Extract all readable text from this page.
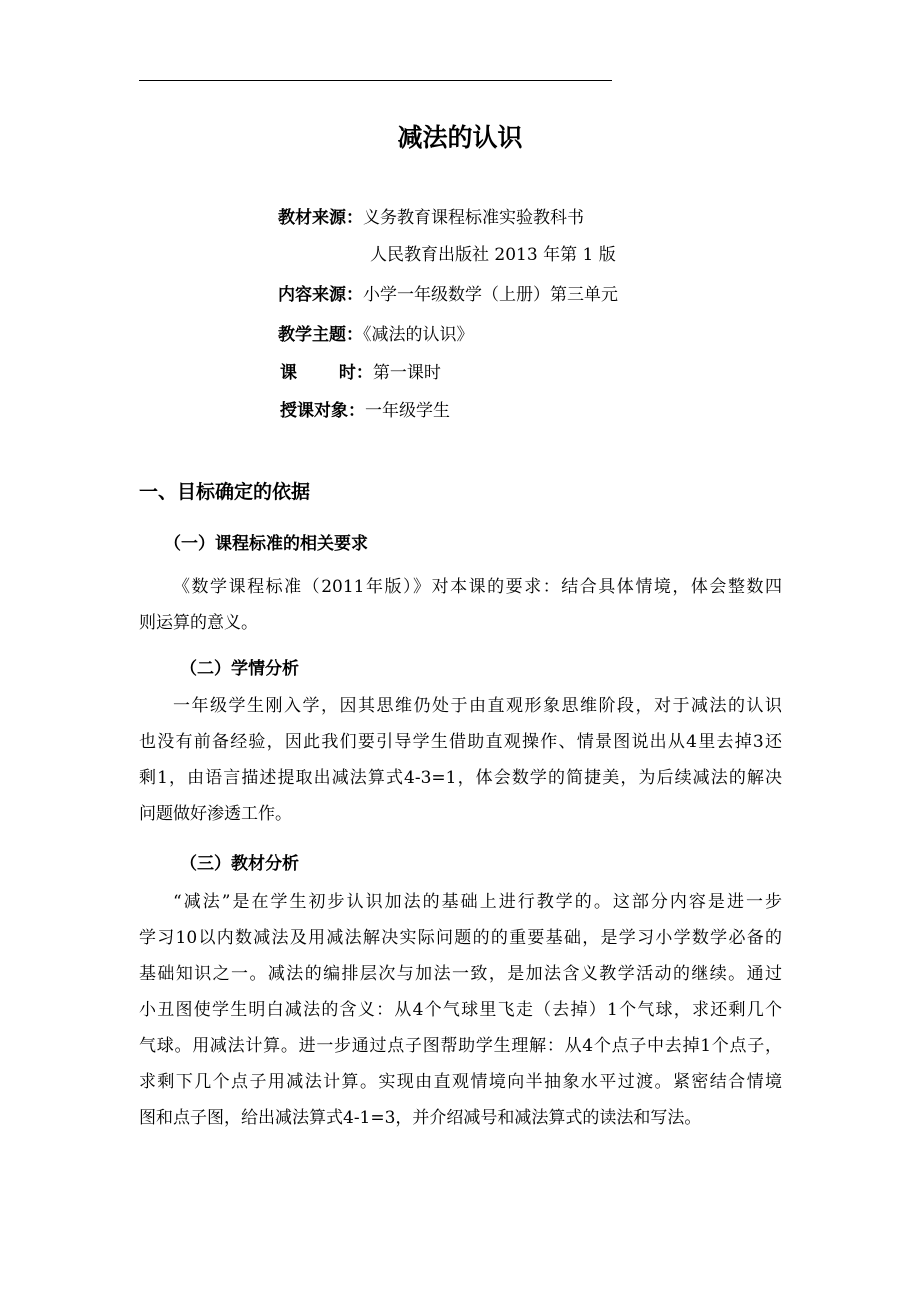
减法的认识
教材来源：义务教育课程标准实验教科书
人民教育出版社 2013 年第 1 版
内容来源：小学一年级数学（上册）第三单元
教学主题：《减法的认识》
课 时：第一课时
授课对象：一年级学生
一、目标确定的依据
（一）课程标准的相关要求
《数学课程标准（2011年版）》对本课的要求：结合具体情境，体会整数四
则运算的意义。
（二）学情分析
一年级学生刚入学，因其思维仍处于由直观形象思维阶段，对于减法的认识
也没有前备经验，因此我们要引导学生借助直观操作、情景图说出从4里去掉3还
剩1，由语言描述提取出减法算式4-3=1，体会数学的简捷美，为后续减法的解决
问题做好渗透工作。
（三）教材分析
“减法”是在学生初步认识加法的基础上进行教学的。这部分内容是进一步
学习10以内数减法及用减法解决实际问题的的重要基础，是学习小学数学必备的
基础知识之一。减法的编排层次与加法一致，是加法含义教学活动的继续。通过
小丑图使学生明白减法的含义：从4个气球里飞走（去掉）1个气球，求还剩几个
气球。用减法计算。进一步通过点子图帮助学生理解：从4个点子中去掉1个点子，
求剩下几个点子用减法计算。实现由直观情境向半抽象水平过渡。紧密结合情境
图和点子图，给出减法算式4-1=3，并介绍减号和减法算式的读法和写法。
